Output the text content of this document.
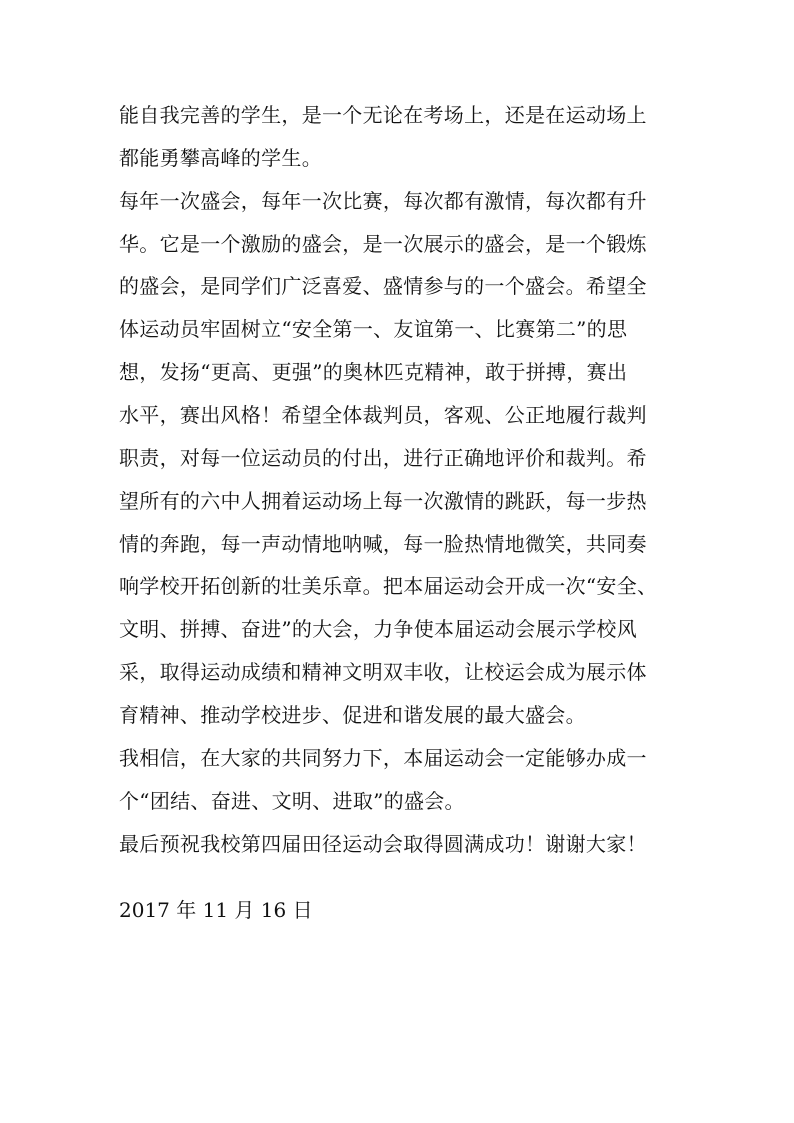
能自我完善的学生，是一个无论在考场上，还是在运动场上
都能勇攀高峰的学生。
每年一次盛会，每年一次比赛，每次都有激情，每次都有升
华。它是一个激励的盛会，是一次展示的盛会，是一个锻炼
的盛会，是同学们广泛喜爱、盛情参与的一个盛会。希望全
体运动员牢固树立“安全第一、友谊第一、比赛第二”的思
想，发扬“更高、更强”的奥林匹克精神，敢于拼搏，赛出
水平，赛出风格！希望全体裁判员，客观、公正地履行裁判
职责，对每一位运动员的付出，进行正确地评价和裁判。希
望所有的六中人拥着运动场上每一次激情的跳跃，每一步热
情的奔跑，每一声动情地呐喊，每一脸热情地微笑，共同奏
响学校开拓创新的壮美乐章。把本届运动会开成一次“安全、
文明、拼搏、奋进”的大会，力争使本届运动会展示学校风
采，取得运动成绩和精神文明双丰收，让校运会成为展示体
育精神、推动学校进步、促进和谐发展的最大盛会。
我相信，在大家的共同努力下，本届运动会一定能够办成一
个“团结、奋进、文明、进取”的盛会。
最后预祝我校第四届田径运动会取得圆满成功！谢谢大家！
2017 年 11 月 16 日
